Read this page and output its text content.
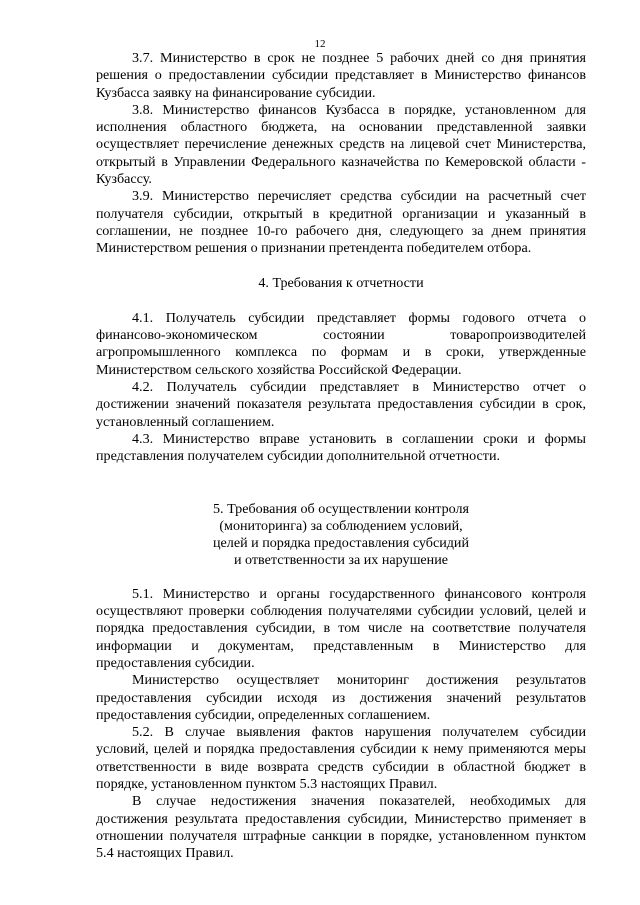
12

3.7. Министерство в срок не позднее 5 рабочих дней со дня принятия решения о предоставлении субсидии представляет в Министерство финансов Кузбасса заявку на финансирование субсидии.

3.8. Министерство финансов Кузбасса в порядке, установленном для исполнения областного бюджета, на основании представленной заявки осуществляет перечисление денежных средств на лицевой счет Министерства, открытый в Управлении Федерального казначейства по Кемеровской области - Кузбассу.

3.9. Министерство перечисляет средства субсидии на расчетный счет получателя субсидии, открытый в кредитной организации и указанный в соглашении, не позднее 10-го рабочего дня, следующего за днем принятия Министерством решения о признании претендента победителем отбора.

4. Требования к отчетности

4.1. Получатель субсидии представляет формы годового отчета о финансово-экономическом состоянии товаропроизводителей агропромышленного комплекса по формам и в сроки, утвержденные Министерством сельского хозяйства Российской Федерации.

4.2. Получатель субсидии представляет в Министерство отчет о достижении значений показателя результата предоставления субсидии в срок, установленный соглашением.

4.3. Министерство вправе установить в соглашении сроки и формы представления получателем субсидии дополнительной отчетности.

5. Требования об осуществлении контроля

(мониторинга) за соблюдением условий,

целей и порядка предоставления субсидий

и ответственности за их нарушение

5.1. Министерство и органы государственного финансового контроля осуществляют проверки соблюдения получателями субсидии условий, целей и порядка предоставления субсидии, в том числе на соответствие получателя информации и документам, представленным в Министерство для предоставления субсидии.

Министерство осуществляет мониторинг достижения результатов предоставления субсидии исходя из достижения значений результатов предоставления субсидии, определенных соглашением.

5.2. В случае выявления фактов нарушения получателем субсидии условий, целей и порядка предоставления субсидии к нему применяются меры ответственности в виде возврата средств субсидии в областной бюджет в порядке, установленном пунктом 5.3 настоящих Правил.

В случае недостижения значения показателей, необходимых для достижения результата предоставления субсидии, Министерство применяет в отношении получателя штрафные санкции в порядке, установленном пунктом 5.4 настоящих Правил.
